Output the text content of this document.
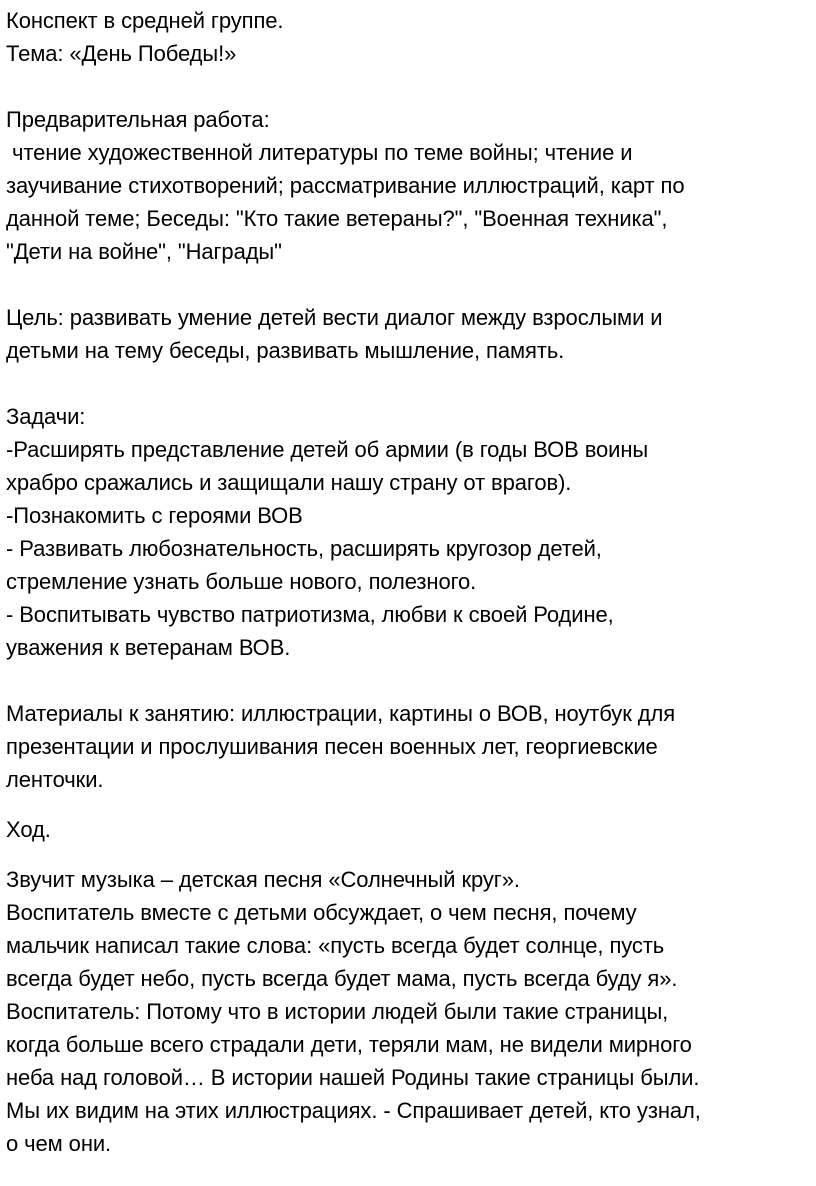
Конспект в средней группе.
Тема: «День Победы!»
Предварительная работа:
чтение художественной литературы по теме войны; чтение и
заучивание стихотворений; рассматривание иллюстраций, карт по
данной теме; Беседы: "Кто такие ветераны?", "Военная техника",
"Дети на войне", "Награды"
Цель: развивать умение детей вести диалог между взрослыми и
детьми на тему беседы, развивать мышление, память.
Задачи:
-Расширять представление детей об армии (в годы ВОВ воины
храбро сражались и защищали нашу страну от врагов).
-Познакомить с героями ВОВ
- Развивать любознательность, расширять кругозор детей,
стремление узнать больше нового, полезного.
- Воспитывать чувство патриотизма, любви к своей Родине,
уважения к ветеранам ВОВ.
Материалы к занятию: иллюстрации, картины о ВОВ, ноутбук для
презентации и прослушивания песен военных лет, георгиевские
ленточки.
Ход.
Звучит музыка – детская песня «Солнечный круг».
Воспитатель вместе с детьми обсуждает, о чем песня, почему
мальчик написал такие слова: «пусть всегда будет солнце, пусть
всегда будет небо, пусть всегда будет мама, пусть всегда буду я».
Воспитатель: Потому что в истории людей были такие страницы,
когда больше всего страдали дети, теряли мам, не видели мирного
неба над головой… В истории нашей Родины такие страницы были.
Мы их видим на этих иллюстрациях. - Спрашивает детей, кто узнал,
о чем они.
